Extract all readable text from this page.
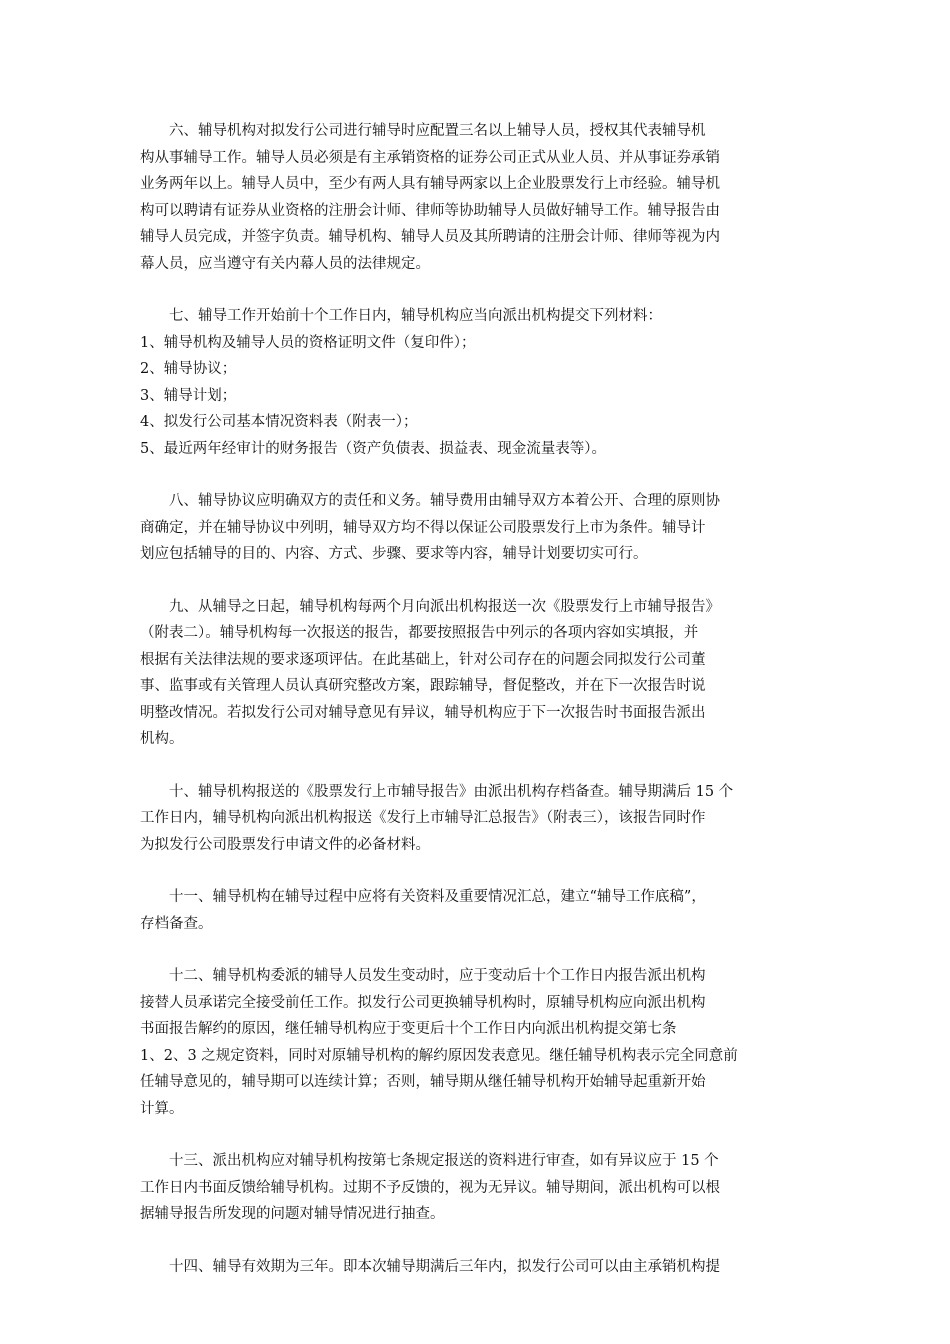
六、辅导机构对拟发行公司进行辅导时应配置三名以上辅导人员，授权其代表辅导机

构从事辅导工作。辅导人员必须是有主承销资格的证券公司正式从业人员、并从事证券承销

业务两年以上。辅导人员中，至少有两人具有辅导两家以上企业股票发行上市经验。辅导机

构可以聘请有证券从业资格的注册会计师、律师等协助辅导人员做好辅导工作。辅导报告由

辅导人员完成，并签字负责。辅导机构、辅导人员及其所聘请的注册会计师、律师等视为内

幕人员，应当遵守有关内幕人员的法律规定。

七、辅导工作开始前十个工作日内，辅导机构应当向派出机构提交下列材料：

1、辅导机构及辅导人员的资格证明文件（复印件）；

2、辅导协议；

3、辅导计划；

4、拟发行公司基本情况资料表（附表一）；

5、最近两年经审计的财务报告（资产负债表、损益表、现金流量表等）。

八、辅导协议应明确双方的责任和义务。辅导费用由辅导双方本着公开、合理的原则协

商确定，并在辅导协议中列明，辅导双方均不得以保证公司股票发行上市为条件。辅导计

划应包括辅导的目的、内容、方式、步骤、要求等内容，辅导计划要切实可行。

九、从辅导之日起，辅导机构每两个月向派出机构报送一次《股票发行上市辅导报告》

（附表二）。辅导机构每一次报送的报告，都要按照报告中列示的各项内容如实填报，并

根据有关法律法规的要求逐项评估。在此基础上，针对公司存在的问题会同拟发行公司董

事、监事或有关管理人员认真研究整改方案，跟踪辅导，督促整改，并在下一次报告时说

明整改情况。若拟发行公司对辅导意见有异议，辅导机构应于下一次报告时书面报告派出

机构。

十、辅导机构报送的《股票发行上市辅导报告》由派出机构存档备查。辅导期满后 15 个

工作日内，辅导机构向派出机构报送《发行上市辅导汇总报告》（附表三），该报告同时作

为拟发行公司股票发行申请文件的必备材料。

十一、辅导机构在辅导过程中应将有关资料及重要情况汇总，建立“辅导工作底稿”，

存档备查。

十二、辅导机构委派的辅导人员发生变动时，应于变动后十个工作日内报告派出机构

接替人员承诺完全接受前任工作。拟发行公司更换辅导机构时，原辅导机构应向派出机构

书面报告解约的原因，继任辅导机构应于变更后十个工作日内向派出机构提交第七条

1、2、3 之规定资料，同时对原辅导机构的解约原因发表意见。继任辅导机构表示完全同意前

任辅导意见的，辅导期可以连续计算；否则，辅导期从继任辅导机构开始辅导起重新开始

计算。

十三、派出机构应对辅导机构按第七条规定报送的资料进行审查，如有异议应于 15 个

工作日内书面反馈给辅导机构。过期不予反馈的，视为无异议。辅导期间，派出机构可以根

据辅导报告所发现的问题对辅导情况进行抽查。

十四、辅导有效期为三年。即本次辅导期满后三年内，拟发行公司可以由主承销机构提
